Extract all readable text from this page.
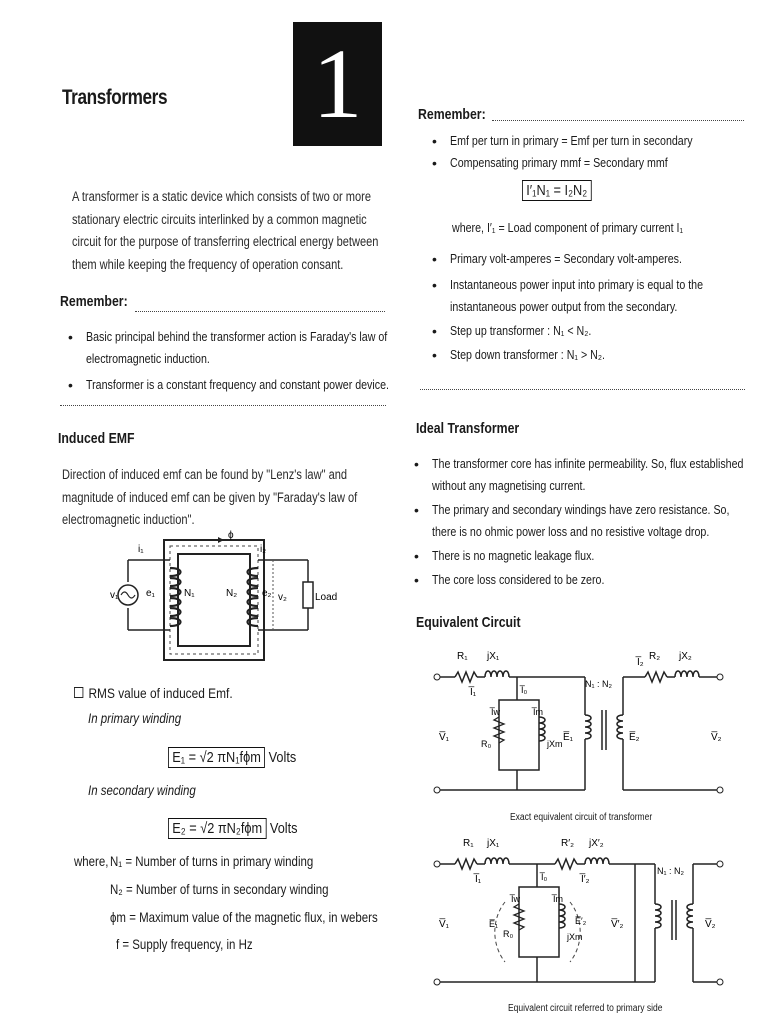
1
Transformers
A transformer is a static device which consists of two or more stationary electric circuits interlinked by a common magnetic circuit for the purpose of transferring electrical energy between them while keeping the frequency of operation consant.
Remember:
• Basic principal behind the transformer action is Faraday's law of electromagnetic induction.
• Transformer is a constant frequency and constant power device.
Induced EMF
Direction of induced emf can be found by "Lenz's law" and magnitude of induced emf can be given by "Faraday's law of electromagnetic induction".
i₁	i₂
ϕ
v₁	e₁	N₁	N₂ e₂ v₂	Load
RMS value of induced Emf.
In primary winding
E₁ = √2 πN₁fϕm Volts
In secondary winding
E₂ = √2 πN₂fϕm Volts
where, N₁ = Number of turns in primary winding
N₂ = Number of turns in secondary winding
ϕm = Maximum value of the magnetic flux, in webers
f = Supply frequency, in Hz
Remember:
• Emf per turn in primary = Emf per turn in secondary
• Compensating primary mmf = Secondary mmf
I′₁N₁ = I₂N₂
where, I′₁ = Load component of primary current I₁
• Primary volt-amperes = Secondary volt-amperes.
• Instantaneous power input into primary is equal to the instantaneous power output from the secondary.
• Step up transformer : N₁ < N₂.
• Step down transformer : N₁ > N₂.
Ideal Transformer
• The transformer core has infinite permeability. So, flux established without any magnetising current.
• The primary and secondary windings have zero resistance. So, there is no ohmic power loss and no resistive voltage drop.
• There is no magnetic leakage flux.
• The core loss considered to be zero.
Equivalent Circuit
R₁ jX₁
I̅₁	I̅₀
I̅w	I̅m
R₀	jXm
E̅₁	E̅₂
N₁ : N₂
I̅₂
R₂ jX₂
V̅₁	V̅₂
Exact equivalent circuit of transformer
R₁ jX₁	R′₂ jX′₂
I̅₁	I̅₀	I̅′₂
N₁ : N₂
V̅₁	E̅₁
I̅w	I̅m
R₀	jXm
E̅′₂ V̅′₂	V̅₂
Equivalent circuit referred to primary side
